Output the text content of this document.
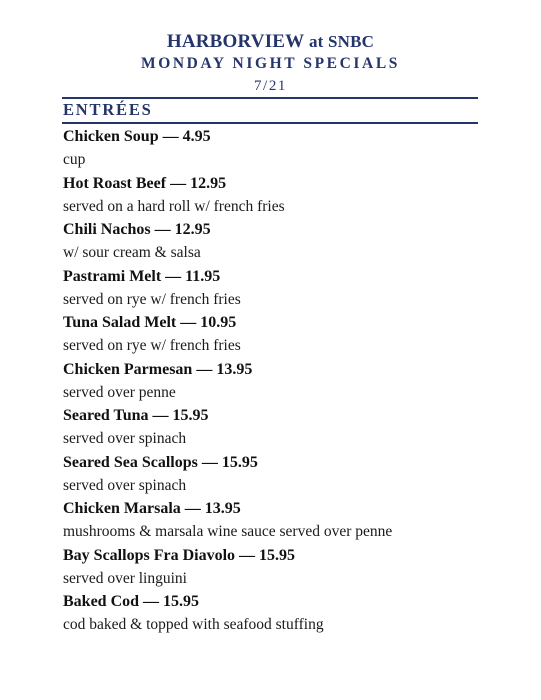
HARBORVIEW at SNBC
MONDAY NIGHT SPECIALS
7/21
ENTRÉES
Chicken Soup — 4.95
cup
Hot Roast Beef — 12.95
served on a hard roll w/ french fries
Chili Nachos — 12.95
w/ sour cream & salsa
Pastrami Melt — 11.95
served on rye w/ french fries
Tuna Salad Melt — 10.95
served on rye w/ french fries
Chicken Parmesan — 13.95
served over penne
Seared Tuna — 15.95
served over spinach
Seared Sea Scallops — 15.95
served over spinach
Chicken Marsala — 13.95
mushrooms & marsala wine sauce served over penne
Bay Scallops Fra Diavolo — 15.95
served over linguini
Baked Cod — 15.95
cod baked & topped with seafood stuffing
